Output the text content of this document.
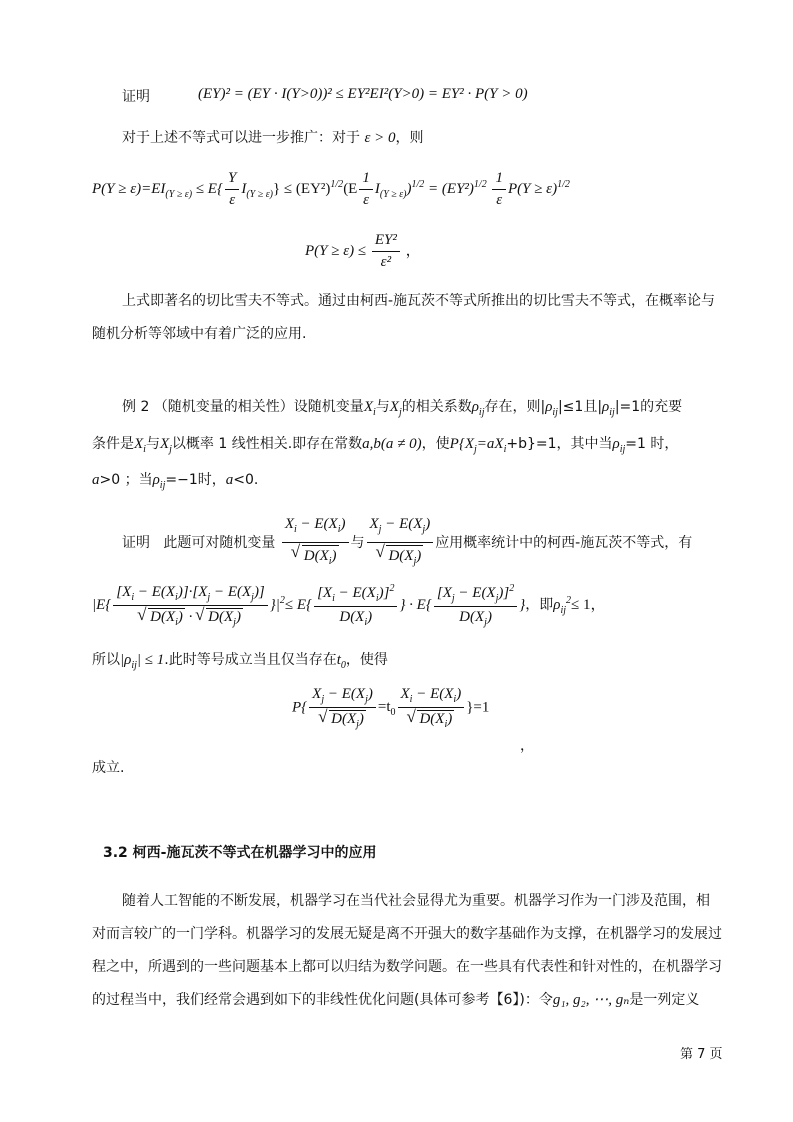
证明	(EY)² = (EY · I(Y>0))² ≤ EY²EI²(Y>0) = EY² · P(Y > 0)
对于上述不等式可以进一步推广：对于 ε > 0，则
$P(Y \ge \varepsilon)=EI_{(Y \ge \varepsilon)} \le E\{ \frac{Y}{\varepsilon} I_{(Y \ge \varepsilon)}\} \le (EY^2)^{1/2}(E \frac{1}{\varepsilon} I_{(Y \ge \varepsilon)})^{1/2} = (EY^2)^{1/2} \frac{1}{\varepsilon} P(Y \ge \varepsilon)^{1/2}$
$P(Y \ge \varepsilon) \le \frac{\text{EY²}}{\text{ε²}}$ ，
上式即著名的切比雪夫不等式。通过由柯西-施瓦茨不等式所推出的切比雪夫不等式，在概率论与
随机分析等邻域中有着广泛的应用.
例 2 （随机变量的相关性）设随机变量$X_i$与$X_j$的相关系数$\rho_{ij}$存在，则$|\rho_{ij}|\le 1$且$|\rho_{ij}|=1$的充要
条件是$X_i$与$X_j$以概率 1 线性相关.即存在常数a,b(a ≠ 0)，使$P\{X_j=aX_i+b\}=1$，其中当$\rho_{ij}=1$ 时，
a>0 ；当$\rho_{ij}=-1$时，a<0.
证明 此题可对随机变量 $X_i - E(X_i)$
√ $D(X_i)$ 与 $X_j - E(X_j)$
√ $D(X_j)$ 应用概率统计中的柯西-施瓦茨不等式，有
|E{ $[X_i - E(X_i)]\cdot[X_j - E(X_j)]$
√ $D(X_i)$ · √ $D(X_j)$ }$|^2\le E\{ \frac{[X_i - E(X_i)]^2}{D(X_i)}$ } · $E\{ \frac{[X_j - E(X_j)]^2}{D(X_j)}$ }，即$\rho_{ij}^2\le 1$，
所以$|\rho_{ij}| \le 1$.此时等号成立当且仅当存在$t_0$，使得
P{ $X_j - E(X_j)$
√ $D(X_j) =t_0$ $X_i - E(X_i)$
√ $D(X_i)$ }=1
，
成立.
3.2 柯西-施瓦茨不等式在机器学习中的应用
随着人工智能的不断发展，机器学习在当代社会显得尤为重要。机器学习作为一门涉及范围，相
对而言较广的一门学科。机器学习的发展无疑是离不开强大的数字基础作为支撑，在机器学习的发展过
程之中，所遇到的一些问题基本上都可以归结为数学问题。在一些具有代表性和针对性的，在机器学习
的过程当中，我们经常会遇到如下的非线性优化问题(具体可参考【6】)：令g₁, g₂, ⋯, gₙ是一列定义
第 7 页
